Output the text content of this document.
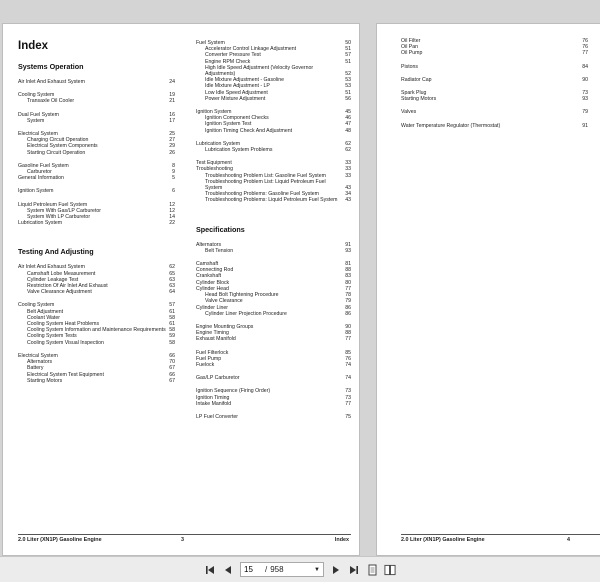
Index
Systems Operation
Air Inlet And Exhaust System	24
Cooling System	19
Transaxle Oil Cooler	21
Dual Fuel System	16
System	17
Electrical System	25
Charging Circuit Operation	27
Electrical System Components	29
Starting Circuit Operation	26
Gasoline Fuel System	8
Carburetor	9
General Information	5
Ignition System	6
Liquid Petroleum Fuel System	12
System With Gas/LP Carburetor	12
System With LP Carburetor	14
Lubrication System	22
Testing And Adjusting
Air Inlet And Exhaust System	62
Camshaft Lobe Measurement	65
Cylinder Leakage Test	63
Restriction Of Air Inlet And Exhaust	63
Valve Clearance Adjustment	64
Cooling System	57
Belt Adjustment	61
Coolant Water	58
Cooling System Heat Problems	61
Cooling System Information and Maintenance Requirements 58
Cooling System Tests	59
Cooling System Visual Inspection	58
Electrical System	66
Alternators	70
Battery	67
Electrical System Test Equipment	66
Starting Motors	67
Fuel System	50
Accelerator Control Linkage Adjustment	51
Converter Pressure Test	57
Engine RPM Check	51
High Idle Speed Adjustment (Velocity Governor Adjustments)	52
Idle Mixture Adjustment - Gasoline	53
Idle Mixture Adjustment - LP	53
Low Idle Speed Adjustment	51
Power Mixture Adjustment	56
Ignition System	45
Ignition Component Checks	46
Ignition System Test	47
Ignition Timing Check And Adjustment	48
Lubrication System	62
Lubrication System Problems	62
Test Equipment	33
Troubleshooting	33
Troubleshooting Problem List: Gasoline Fuel System	33
Troubleshooting Problem List: Liquid Petroleum Fuel System	43
Troubleshooting Problems: Gasoline Fuel System	34
Troubleshooting Problems: Liquid Petroleum Fuel System	43
Specifications
Alternators	91
Belt Tension	93
Camshaft	81
Connecting Rod	88
Crankshaft	83
Cylinder Block	80
Cylinder Head	77
Head Bolt Tightening Procedure	78
Valve Clearance	79
Cylinder Liner	86
Cylinder Liner Projection Procedure	86
Engine Mounting Groups	90
Engine Timing	88
Exhaust Manifold	77
Fuel Filterlock	85
Fuel Pump	76
Fuelock	74
Gas/LP Carburetor	74
Ignition Sequence (Firing Order)	73
Ignition Timing	73
Intake Manifold	77
LP Fuel Converter	75
2.0 Liter (XN1P) Gasoline Engine	3	Index
Oil Filter	76
Oil Pan	76
Oil Pump	77
Pistons	84
Radiator Cap	90
Spark Plug	73
Starting Motors	93
Valves	79
Water Temperature Regulator (Thermostat)	91
2.0 Liter (XN1P) Gasoline Engine	4
15
/ 958	▼
